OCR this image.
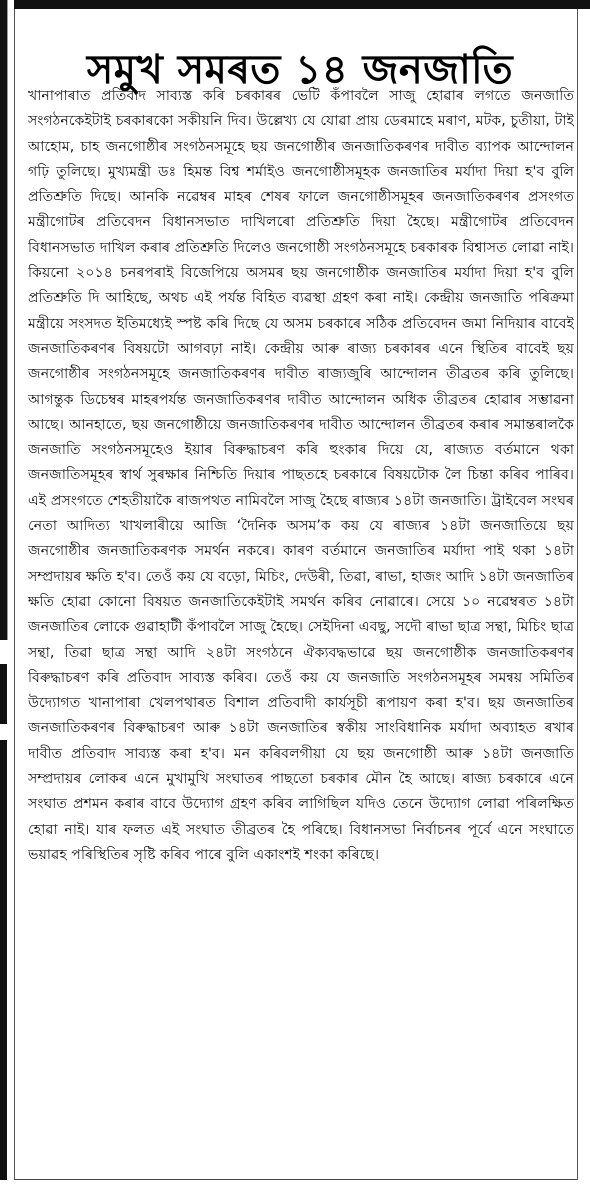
সমুখ সমৰত ১৪ জনজাতি

খানাপাৰাত প্ৰতিবাদ সাব্যস্ত কৰি চৰকাৰৰ ভেটি কঁপাবলৈ সাজু হোৱাৰ লগতে জনজাতি সংগঠনকেইটাই চৰকাৰকো সকীয়নি দিব। উল্লেখ্য যে যোৱা প্ৰায় ডেৰমাহে মৰাণ, মটক, চুতীয়া, টাই আহোম, চাহ জনগোষ্ঠীৰ সংগঠনসমূহে ছয় জনগোষ্ঠীৰ জনজাতিকৰণৰ দাবীত ব্যাপক আন্দোলন গঢ়ি তুলিছে। মুখ্যমন্ত্ৰী ডঃ হিমন্ত বিশ্ব শৰ্মাইও জনগোষ্ঠীসমূহক জনজাতিৰ মৰ্যাদা দিয়া হ'ব বুলি প্ৰতিশ্ৰুতি দিছে। আনকি নৱেম্বৰ মাহৰ শেষৰ ফালে জনগোষ্ঠীসমূহৰ জনজাতিকৰণৰ প্ৰসংগত মন্ত্ৰীগোটৰ প্ৰতিবেদন বিধানসভাত দাখিলৰো প্ৰতিশ্ৰুতি দিয়া হৈছে। মন্ত্ৰীগোটৰ প্ৰতিবেদন বিধানসভাত দাখিল কৰাৰ প্ৰতিশ্ৰুতি দিলেও জনগোষ্ঠী সংগঠনসমূহে চৰকাৰক বিশ্বাসত লোৱা নাই। কিয়নো ২০১৪ চনৰপৰাই বিজেপিয়ে অসমৰ ছয় জনগোষ্ঠীক জনজাতিৰ মৰ্যাদা দিয়া হ'ব বুলি প্ৰতিশ্ৰুতি দি আহিছে, অথচ এই পৰ্যন্ত বিহিত ব্যৱস্থা গ্ৰহণ কৰা নাই। কেন্দ্ৰীয় জনজাতি পৰিক্ৰমা মন্ত্ৰীয়ে সংসদত ইতিমধ্যেই স্পষ্ট কৰি দিছে যে অসম চৰকাৰে সঠিক প্ৰতিবেদন জমা নিদিয়াৰ বাবেই জনজাতিকৰণৰ বিষয়টো আগবঢ়া নাই। কেন্দ্ৰীয় আৰু ৰাজ্য চৰকাৰৰ এনে স্থিতিৰ বাবেই ছয় জনগোষ্ঠীৰ সংগঠনসমূহে জনজাতিকৰণৰ দাবীত ৰাজ্যজুৰি আন্দোলন তীব্ৰতৰ কৰি তুলিছে। আগন্তুক ডিচেম্বৰ মাহৰপৰ্যন্ত জনজাতিকৰণৰ দাবীত আন্দোলন অধিক তীব্ৰতৰ হোৱাৰ সম্ভাৱনা আছে। আনহাতে, ছয় জনগোষ্ঠীয়ে জনজাতিকৰণৰ দাবীত আন্দোলন তীব্ৰতৰ কৰাৰ সমান্তৰালকৈ জনজাতি সংগঠনসমূহেও ইয়াৰ বিৰুদ্ধাচৰণ কৰি হুংকাৰ দিয়ে যে, ৰাজ্যত বৰ্তমানে থকা জনজাতিসমূহৰ স্বাৰ্থ সুৰক্ষাৰ নিশ্চিতি দিয়াৰ পাছতহে চৰকাৰে বিষয়টোক লৈ চিন্তা কৰিব পাৰিব। এই প্ৰসংগতে শেহতীয়াকৈ ৰাজপথত নামিবলৈ সাজু হৈছে ৰাজ্যৰ ১৪টা জনজাতি। ট্ৰাইবেল সংঘৰ নেতা আদিত্য খাখলাৰীয়ে আজি ‘দৈনিক অসম’ক কয় যে ৰাজ্যৰ ১৪টা জনজাতিয়ে ছয় জনগোষ্ঠীৰ জনজাতিকৰণক সমৰ্থন নকৰে। কাৰণ বৰ্তমানে জনজাতিৰ মৰ্যাদা পাই থকা ১৪টা সম্প্ৰদায়ৰ ক্ষতি হ'ব। তেওঁ কয় যে বড়ো, মিচিং, দেউৰী, তিৱা, ৰাভা, হাজং আদি ১৪টা জনজাতিৰ ক্ষতি হোৱা কোনো বিষয়ত জনজাতিকেইটাই সমৰ্থন কৰিব নোৱাৰে। সেয়ে ১০ নৱেম্বৰত ১৪টা জনজাতিৰ লোকে গুৱাহাটী কঁপাবলৈ সাজু হৈছে। সেইদিনা এবছু, সদৌ ৰাভা ছাত্ৰ সন্থা, মিচিং ছাত্ৰ সন্থা, তিৱা ছাত্ৰ সন্থা আদি ২৪টা সংগঠনে ঐক্যবদ্ধভাৱে ছয় জনগোষ্ঠীক জনজাতিকৰণৰ বিৰুদ্ধাচৰণ কৰি প্ৰতিবাদ সাব্যস্ত কৰিব। তেওঁ কয় যে জনজাতি সংগঠনসমূহৰ সমন্বয় সমিতিৰ উদ্যোগত খানাপাৰা খেলপথাৰত বিশাল প্ৰতিবাদী কাৰ্যসূচী ৰূপায়ণ কৰা হ'ব। ছয় জনজাতিৰ জনজাতিকৰণৰ বিৰুদ্ধাচৰণ আৰু ১৪টা জনজাতিৰ স্বকীয় সাংবিধানিক মৰ্যাদা অব্যাহত ৰখাৰ দাবীত প্ৰতিবাদ সাব্যস্ত কৰা হ'ব। মন কৰিবলগীয়া যে ছয় জনগোষ্ঠী আৰু ১৪টা জনজাতি সম্প্ৰদায়ৰ লোকৰ এনে মুখামুখি সংঘাতৰ পাছতো চৰকাৰ মৌন হৈ আছে। ৰাজ্য চৰকাৰে এনে সংঘাত প্ৰশমন কৰাৰ বাবে উদ্যোগ গ্ৰহণ কৰিব লাগিছিল যদিও তেনে উদ্যোগ লোৱা পৰিলক্ষিত হোৱা নাই। যাৰ ফলত এই সংঘাত তীব্ৰতৰ হৈ পৰিছে। বিধানসভা নিৰ্বাচনৰ পূৰ্বে এনে সংঘাতে ভয়াৱহ পৰিস্থিতিৰ সৃষ্টি কৰিব পাৰে বুলি একাংশই শংকা কৰিছে।
